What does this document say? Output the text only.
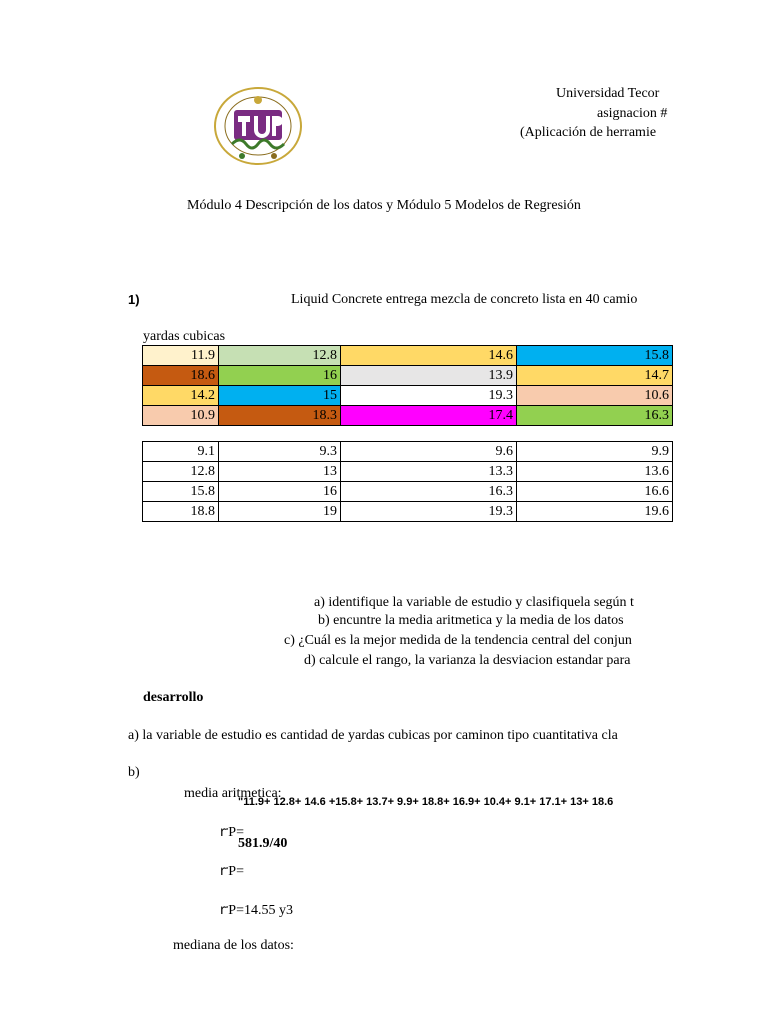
Universidad Tecor
asignacion #
(Aplicación de herramie
Módulo 4 Descripción de los datos y Módulo 5 Modelos de Regresión
1)	Liquid Concrete entrega mezcla de concreto lista en 40 camio
yardas cubicas
11.9	12.8	14.6	15.8
18.6	16	13.9	14.7
14.2	15	19.3	10.6
10.9	18.3	17.4	16.3
9.1	9.3	9.6	9.9
12.8	13	13.3	13.6
15.8	16	16.3	16.6
18.8	19	19.3	19.6
a) identifique la variable de estudio y clasifiquela según t
b) encuntre la media aritmetica y la media de los datos
c) ¿Cuál es la mejor medida de la tendencia central del conjun
d) calcule el rango, la varianza la desviacion estandar para
desarrollo
a) la variable de estudio es cantidad de yardas cubicas por caminon tipo cuantitativa cla
b)
media aritmetica:
"11.9+ 12.8+ 14.6 +15.8+ 13.7+ 9.9+ 18.8+ 16.9+ 10.4+ 9.1+ 17.1+ 13+ 18.6
ꭈP=
581.9/40
ꭈP=
ꭈP=14.55 y3
mediana de los datos:
